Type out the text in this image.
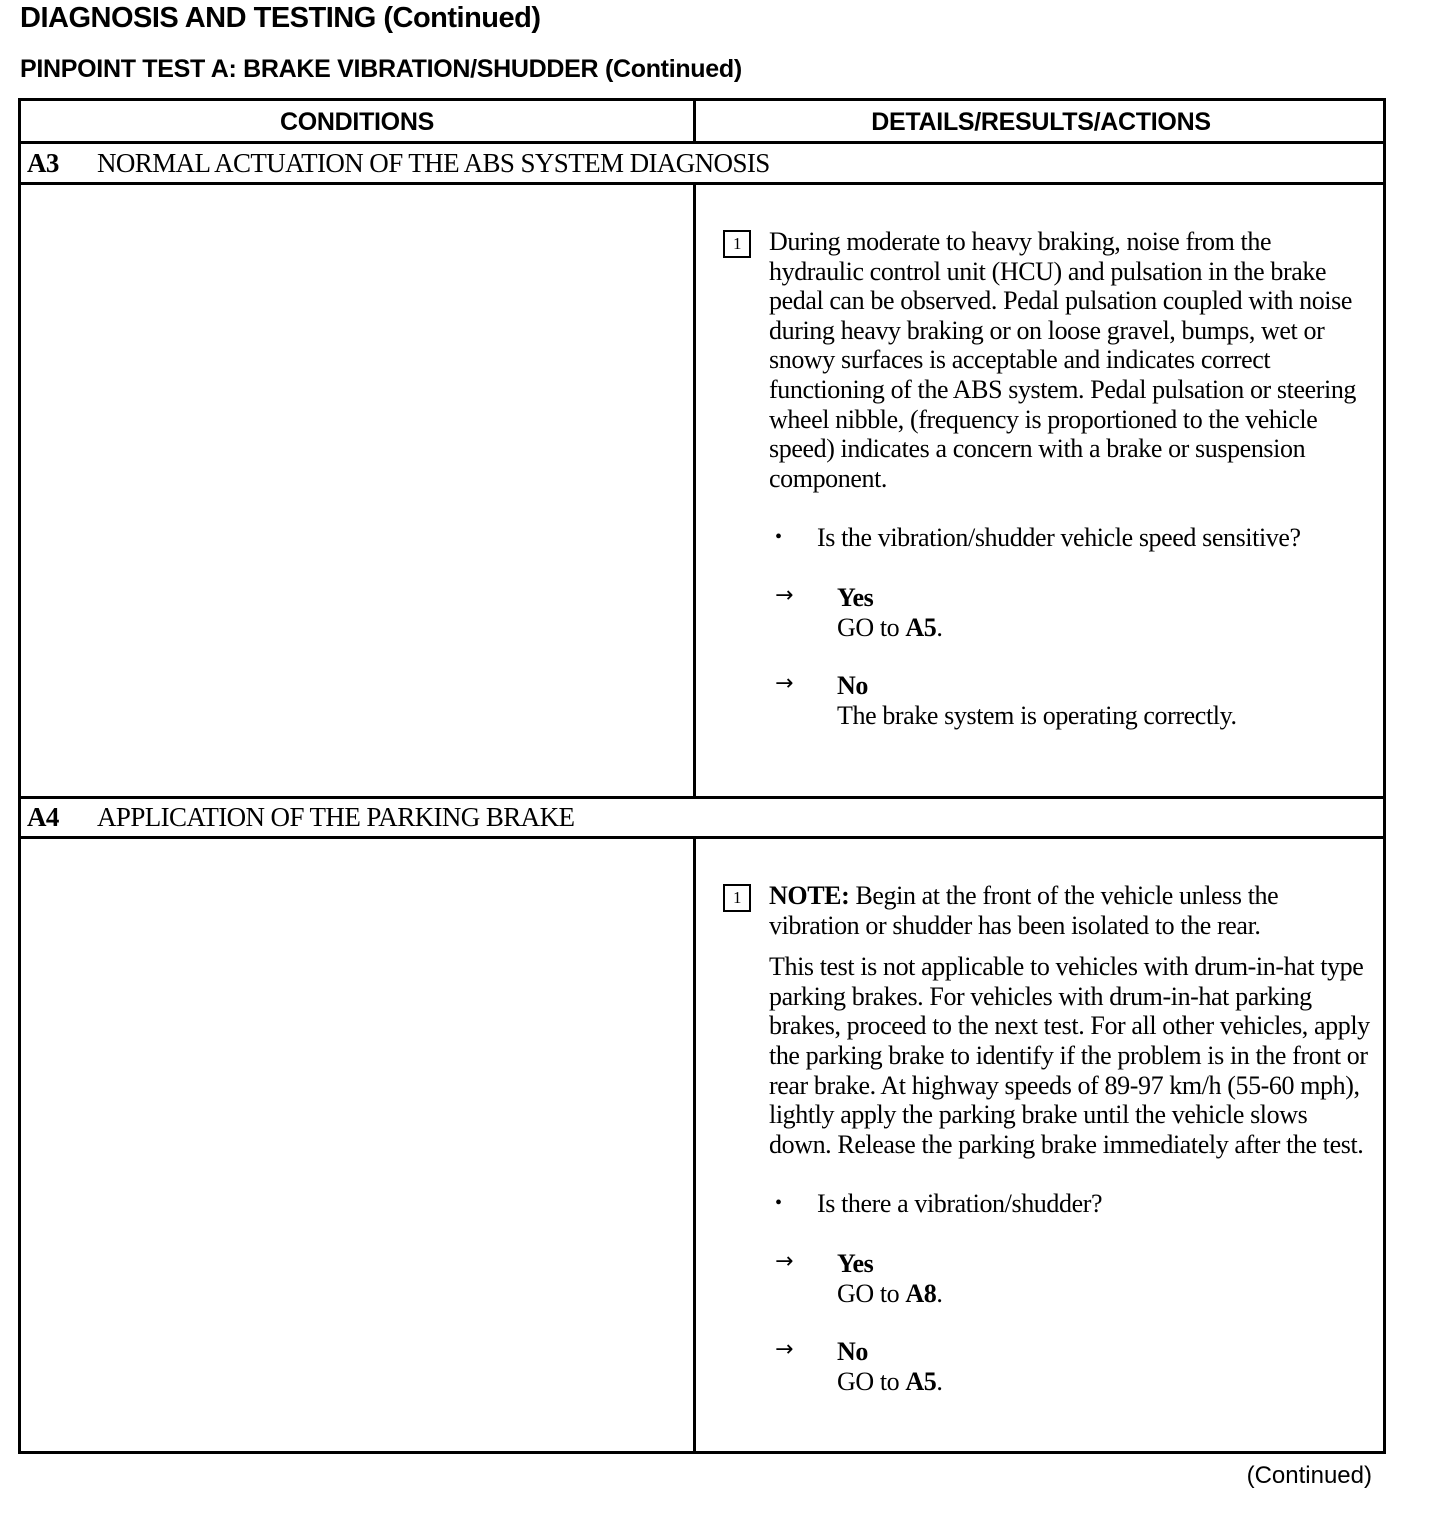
DIAGNOSIS AND TESTING (Continued)
PINPOINT TEST A: BRAKE VIBRATION/SHUDDER (Continued)
CONDITIONS	DETAILS/RESULTS/ACTIONS
A3	NORMAL ACTUATION OF THE ABS SYSTEM DIAGNOSIS
1	During moderate to heavy braking, noise from the hydraulic control unit (HCU) and pulsation in the brake pedal can be observed. Pedal pulsation coupled with noise during heavy braking or on loose gravel, bumps, wet or snowy surfaces is acceptable and indicates correct functioning of the ABS system. Pedal pulsation or steering wheel nibble, (frequency is proportioned to the vehicle speed) indicates a concern with a brake or suspension component.
• Is the vibration/shudder vehicle speed sensitive?
→ Yes
GO to A5.
→ No
The brake system is operating correctly.
A4	APPLICATION OF THE PARKING BRAKE
1	NOTE: Begin at the front of the vehicle unless the vibration or shudder has been isolated to the rear.
This test is not applicable to vehicles with drum-in-hat type parking brakes. For vehicles with drum-in-hat parking brakes, proceed to the next test. For all other vehicles, apply the parking brake to identify if the problem is in the front or rear brake. At highway speeds of 89-97 km/h (55-60 mph), lightly apply the parking brake until the vehicle slows down. Release the parking brake immediately after the test.
• Is there a vibration/shudder?
→ Yes
GO to A8.
→ No
GO to A5.
(Continued)
